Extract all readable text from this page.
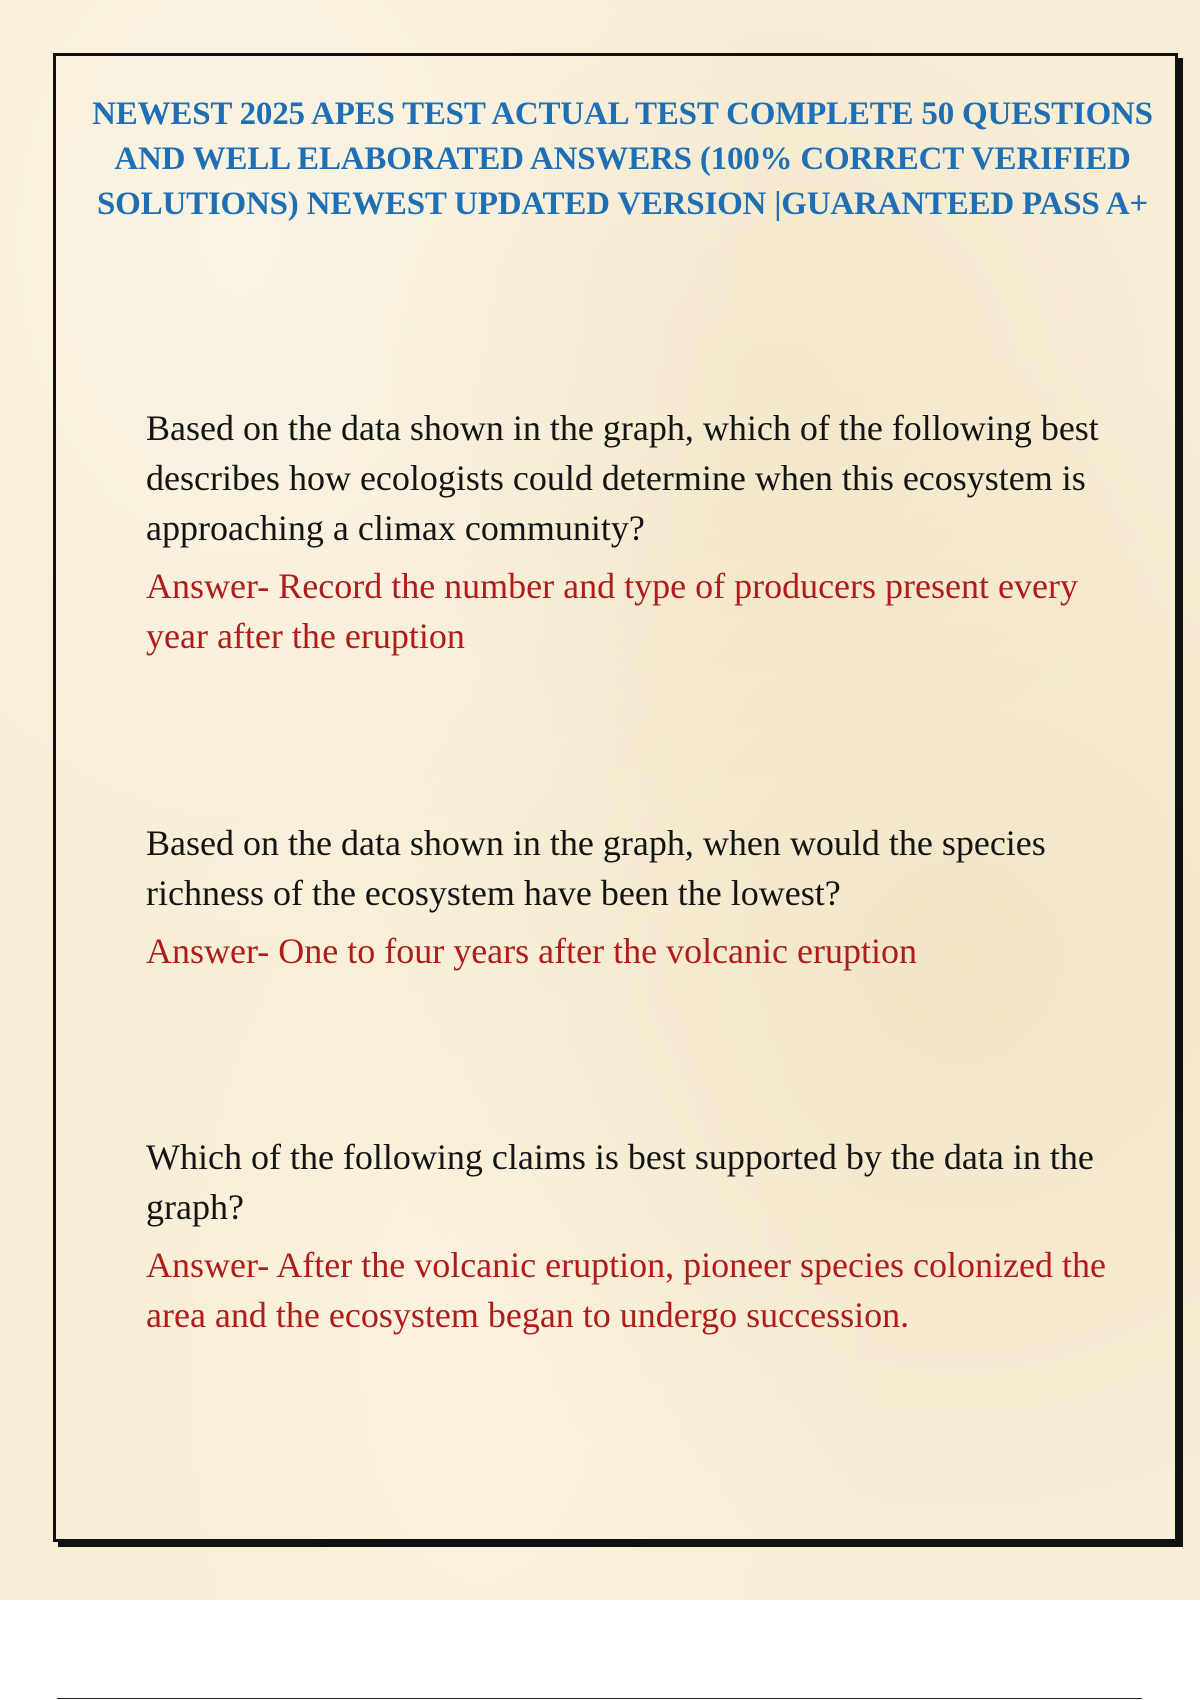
NEWEST 2025 APES TEST ACTUAL TEST COMPLETE 50 QUESTIONS AND WELL ELABORATED ANSWERS (100% CORRECT VERIFIED SOLUTIONS) NEWEST UPDATED VERSION |GUARANTEED PASS A+

Based on the data shown in the graph, which of the following best describes how ecologists could determine when this ecosystem is approaching a climax community?

Answer- Record the number and type of producers present every year after the eruption

Based on the data shown in the graph, when would the species richness of the ecosystem have been the lowest?

Answer- One to four years after the volcanic eruption

Which of the following claims is best supported by the data in the graph?

Answer- After the volcanic eruption, pioneer species colonized the area and the ecosystem began to undergo succession.
